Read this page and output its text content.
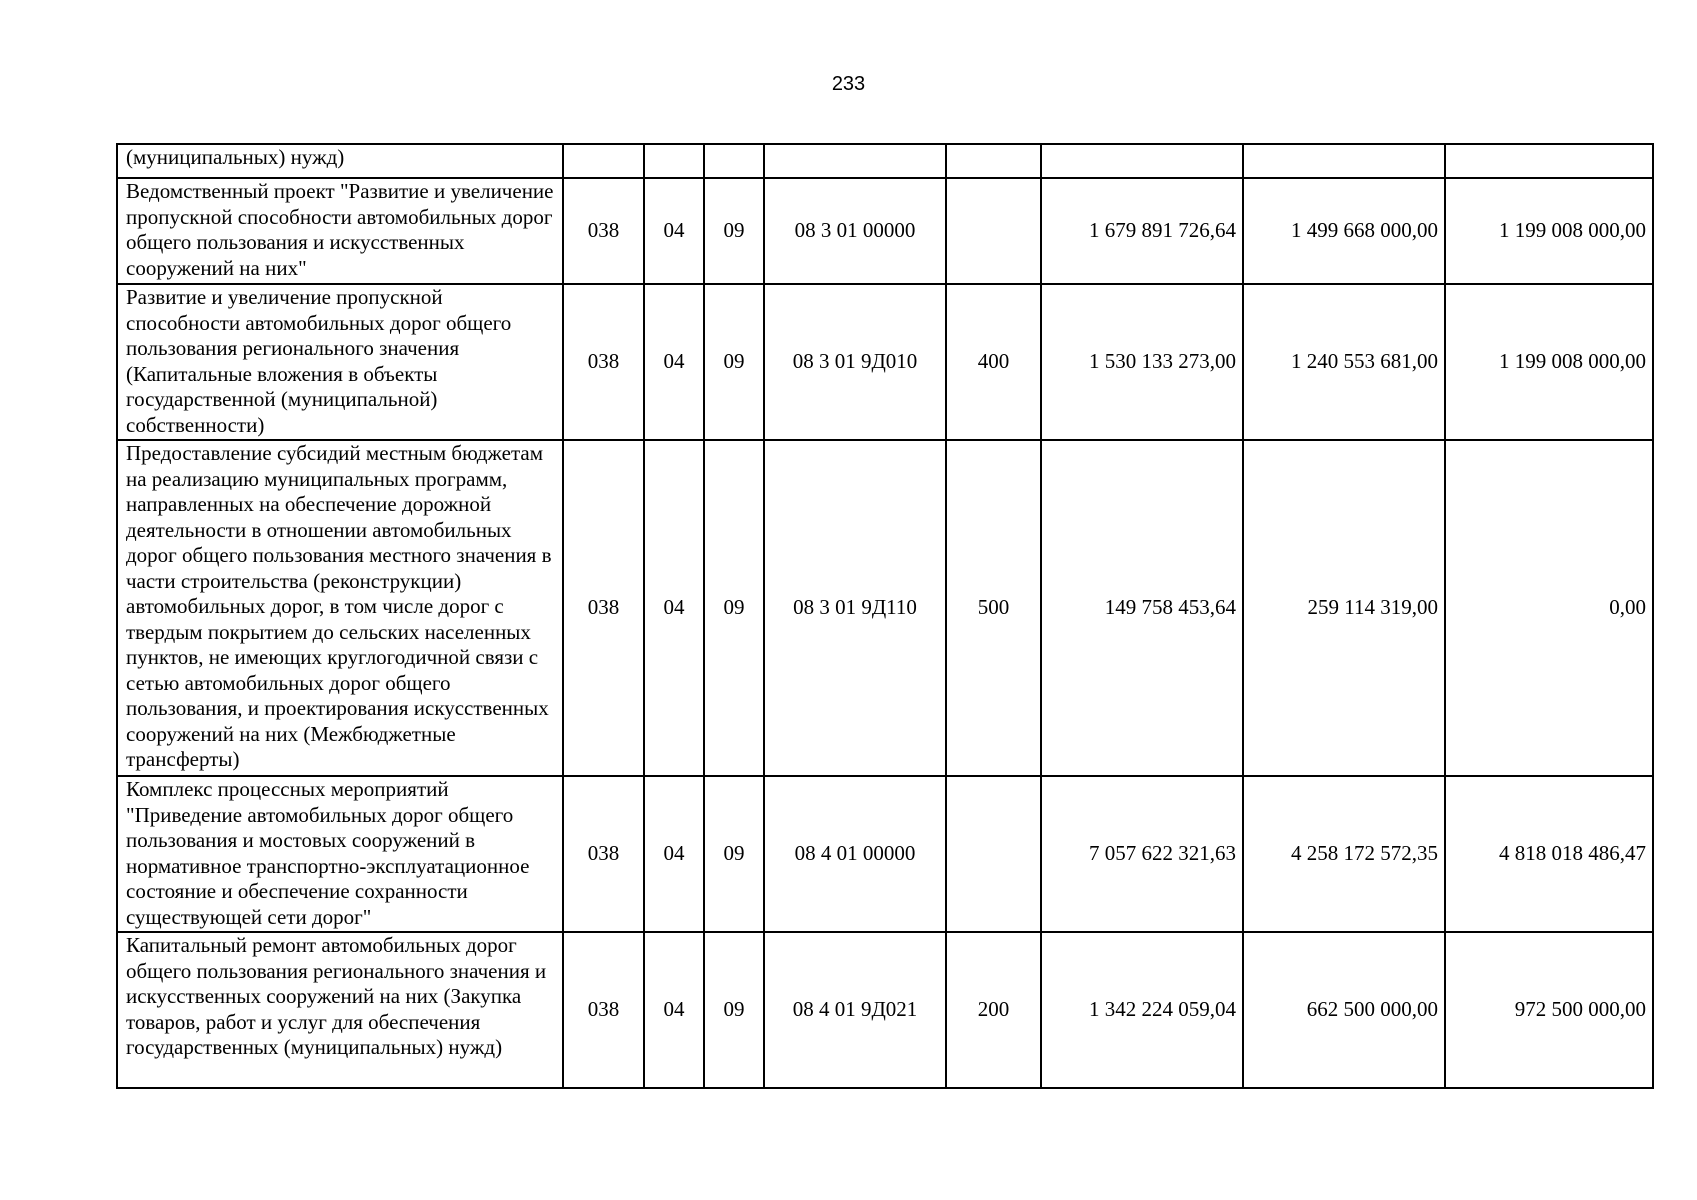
233
(муниципальных) нужд)								
Ведомственный проект "Развитие и увеличение пропускной способности автомобильных дорог общего пользования и искусственных сооружений на них"	038	04	09	08 3 01 00000		1 679 891 726,64	1 499 668 000,00	1 199 008 000,00
Развитие и увеличение пропускной способности автомобильных дорог общего пользования регионального значения (Капитальные вложения в объекты государственной (муниципальной) собственности)	038	04	09	08 3 01 9Д010	400	1 530 133 273,00	1 240 553 681,00	1 199 008 000,00
Предоставление субсидий местным бюджетам на реализацию муниципальных программ, направленных на обеспечение дорожной деятельности в отношении автомобильных дорог общего пользования местного значения в части строительства (реконструкции) автомобильных дорог, в том числе дорог с твердым покрытием до сельских населенных пунктов, не имеющих круглогодичной связи с сетью автомобильных дорог общего пользования, и проектирования искусственных сооружений на них (Межбюджетные трансферты)	038	04	09	08 3 01 9Д110	500	149 758 453,64	259 114 319,00	0,00
Комплекс процессных мероприятий "Приведение автомобильных дорог общего пользования и мостовых сооружений в нормативное транспортно-эксплуатационное состояние и обеспечение сохранности существующей сети дорог"	038	04	09	08 4 01 00000		7 057 622 321,63	4 258 172 572,35	4 818 018 486,47
Капитальный ремонт автомобильных дорог общего пользования регионального значения и искусственных сооружений на них (Закупка товаров, работ и услуг для обеспечения государственных (муниципальных) нужд)	038	04	09	08 4 01 9Д021	200	1 342 224 059,04	662 500 000,00	972 500 000,00
